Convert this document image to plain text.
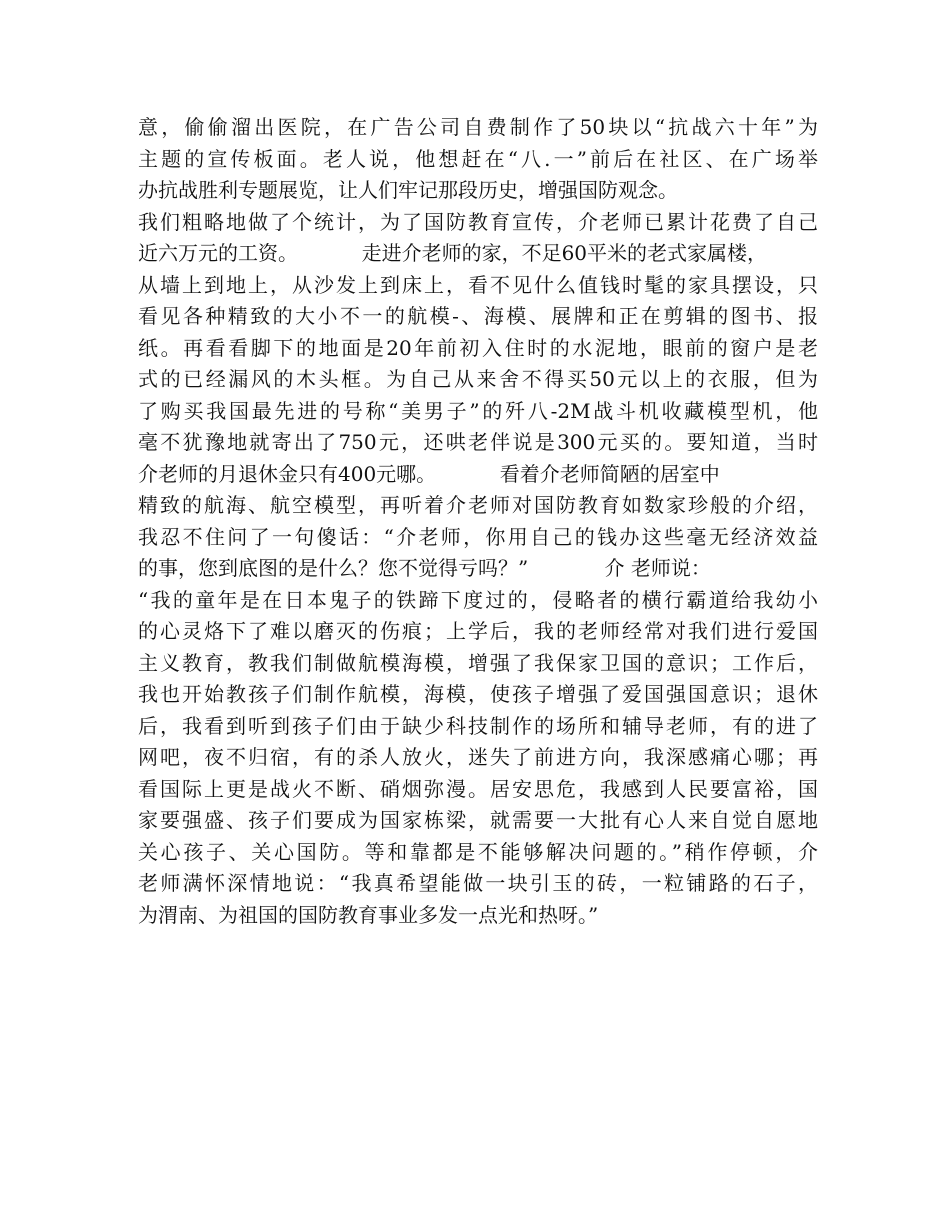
意，偷偷溜出医院，在广告公司自费制作了50块以“抗战六十年”为
主题的宣传板面。老人说，他想赶在“八.一”前后在社区、在广场举
办抗战胜利专题展览，让人们牢记那段历史，增强国防观念。
我们粗略地做了个统计，为了国防教育宣传，介老师已累计花费了自己
近六万元的工资。          走进介老师的家，不足60平米的老式家属楼，
从墙上到地上，从沙发上到床上，看不见什么值钱时髦的家具摆设，只
看见各种精致的大小不一的航模-、海模、展牌和正在剪辑的图书、报
纸。再看看脚下的地面是20年前初入住时的水泥地，眼前的窗户是老
式的已经漏风的木头框。为自己从来舍不得买50元以上的衣服，但为
了购买我国最先进的号称“美男子”的歼八-2M战斗机收藏模型机，他
毫不犹豫地就寄出了750元，还哄老伴说是300元买的。要知道，当时
介老师的月退休金只有400元哪。          看着介老师简陋的居室中
精致的航海、航空模型，再听着介老师对国防教育如数家珍般的介绍，
我忍不住问了一句傻话：“介老师，你用自己的钱办这些毫无经济效益
的事，您到底图的是什么？您不觉得亏吗？”            介 老师说：
“我的童年是在日本鬼子的铁蹄下度过的，侵略者的横行霸道给我幼小
的心灵烙下了难以磨灭的伤痕；上学后，我的老师经常对我们进行爱国
主义教育，教我们制做航模海模，增强了我保家卫国的意识；工作后，
我也开始教孩子们制作航模，海模，使孩子增强了爱国强国意识；退休
后，我看到听到孩子们由于缺少科技制作的场所和辅导老师，有的进了
网吧，夜不归宿，有的杀人放火，迷失了前进方向，我深感痛心哪；再
看国际上更是战火不断、硝烟弥漫。居安思危，我感到人民要富裕，国
家要强盛、孩子们要成为国家栋梁，就需要一大批有心人来自觉自愿地
关心孩子、关心国防。等和靠都是不能够解决问题的。”稍作停顿，介
老师满怀深情地说：“我真希望能做一块引玉的砖，一粒铺路的石子，
为渭南、为祖国的国防教育事业多发一点光和热呀。”
